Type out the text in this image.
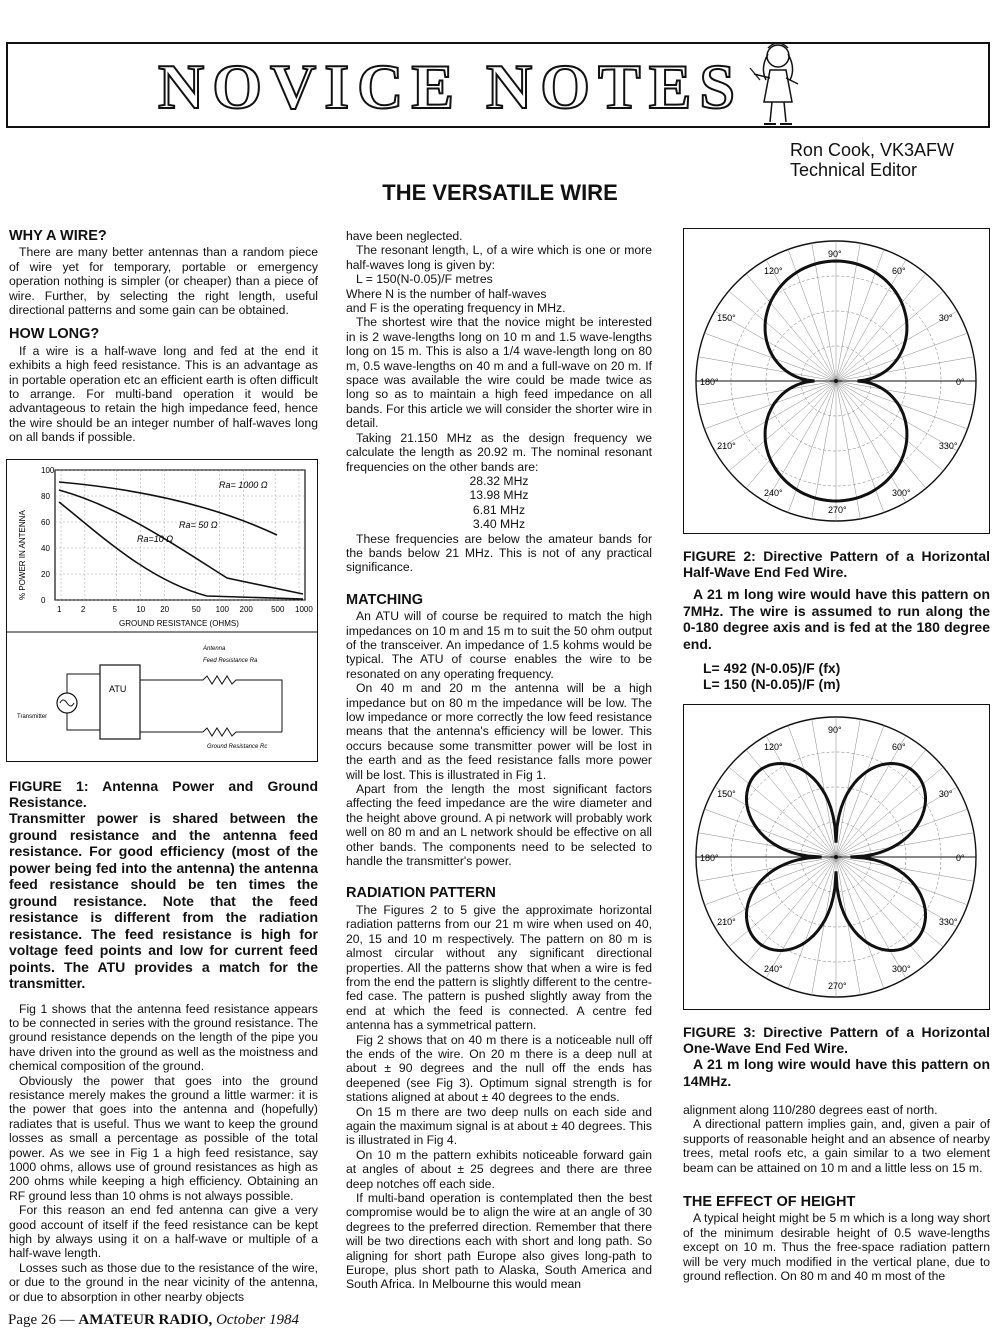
NOVICE NOTES
Ron Cook, VK3AFW
Technical Editor
THE VERSATILE WIRE
WHY A WIRE?

There are many better antennas than a random piece of wire yet for temporary, portable or emergency operation nothing is simpler (or cheaper) than a piece of wire. Further, by selecting the right length, useful directional patterns and some gain can be obtained.

HOW LONG?

If a wire is a half-wave long and fed at the end it exhibits a high feed resistance. This is an advantage as in portable operation etc an efficient earth is often difficult to arrange. For multi-band operation it would be advantageous to retain the high impedance feed, hence the wire should be an integer number of half-waves long on all bands if possible.

100
80
60
40
20
0
1 2	5 10 20	50 100 200 500 1000
% POWER IN ANTENNA
GROUND RESISTANCE (OHMS)
Ra= 1000 Ω
Ra= 50 Ω
Ra=10 Ω
ATU
Transmitter
Antenna
Feed Resistance Ra
Ground Resistance Rc
FIGURE 1: Antenna Power and Ground Resistance.

Transmitter power is shared between the ground resistance and the antenna feed resistance. For good efficiency (most of the power being fed into the antenna) the antenna feed resistance should be ten times the ground resistance. Note that the feed resistance is different from the radiation resistance. The feed resistance is high for voltage feed points and low for current feed points. The ATU provides a match for the transmitter.

Fig 1 shows that the antenna feed resistance appears to be connected in series with the ground resistance. The ground resistance depends on the length of the pipe you have driven into the ground as well as the moistness and chemical composition of the ground.

Obviously the power that goes into the ground resistance merely makes the ground a little warmer: it is the power that goes into the antenna and (hopefully) radiates that is useful. Thus we want to keep the ground losses as small a percentage as possible of the total power. As we see in Fig 1 a high feed resistance, say 1000 ohms, allows use of ground resistances as high as 200 ohms while keeping a high efficiency. Obtaining an RF ground less than 10 ohms is not always possible.

For this reason an end fed antenna can give a very good account of itself if the feed resistance can be kept high by always using it on a half-wave or multiple of a half-wave length.

Losses such as those due to the resistance of the wire, or due to the ground in the near vicinity of the antenna, or due to absorption in other nearby objects

have been neglected.

The resonant length, L, of a wire which is one or more half-waves long is given by:

L = 150(N-0.05)/F metres

Where N is the number of half-waves

and F is the operating frequency in MHz.

The shortest wire that the novice might be interested in is 2 wave-lengths long on 10 m and 1.5 wave-lengths long on 15 m. This is also a 1/4 wave-length long on 80 m, 0.5 wave-lengths on 40 m and a full-wave on 20 m. If space was available the wire could be made twice as long so as to maintain a high feed impedance on all bands. For this article we will consider the shorter wire in detail.

Taking 21.150 MHz as the design frequency we calculate the length as 20.92 m. The nominal resonant frequencies on the other bands are:

28.32 MHz

13.98 MHz

6.81 MHz

3.40 MHz

These frequencies are below the amateur bands for the bands below 21 MHz. This is not of any practical significance.

MATCHING

An ATU will of course be required to match the high impedances on 10 m and 15 m to suit the 50 ohm output of the transceiver. An impedance of 1.5 kohms would be typical. The ATU of course enables the wire to be resonated on any operating frequency.

On 40 m and 20 m the antenna will be a high impedance but on 80 m the impedance will be low. The low impedance or more correctly the low feed resistance means that the antenna's efficiency will be lower. This occurs because some transmitter power will be lost in the earth and as the feed resistance falls more power will be lost. This is illustrated in Fig 1.

Apart from the length the most significant factors affecting the feed impedance are the wire diameter and the height above ground. A pi network will probably work well on 80 m and an L network should be effective on all other bands. The components need to be selected to handle the transmitter's power.

RADIATION PATTERN

The Figures 2 to 5 give the approximate horizontal radiation patterns from our 21 m wire when used on 40, 20, 15 and 10 m respectively. The pattern on 80 m is almost circular without any significant directional properties. All the patterns show that when a wire is fed from the end the pattern is slightly different to the centre-fed case. The pattern is pushed slightly away from the end at which the feed is connected. A centre fed antenna has a symmetrical pattern.

Fig 2 shows that on 40 m there is a noticeable null off the ends of the wire. On 20 m there is a deep null at about ± 90 degrees and the null off the ends has deepened (see Fig 3). Optimum signal strength is for stations aligned at about ± 40 degrees to the ends.

On 15 m there are two deep nulls on each side and again the maximum signal is at about ± 40 degrees. This is illustrated in Fig 4.

On 10 m the pattern exhibits noticeable forward gain at angles of about ± 25 degrees and there are three deep notches off each side.

If multi-band operation is contemplated then the best compromise would be to align the wire at an angle of 30 degrees to the preferred direction. Remember that there will be two directions each with short and long path. So aligning for short path Europe also gives long-path to Europe, plus short path to Alaska, South America and South Africa. In Melbourne this would mean

90°
60°
30°
0°
330°
300°
270°
240°
210°
180°
150°
120°
FIGURE 2: Directive Pattern of a Horizontal Half-Wave End Fed Wire.

A 21 m long wire would have this pattern on 7MHz. The wire is assumed to run along the 0-180 degree axis and is fed at the 180 degree end.

L= 492 (N-0.05)/F (fx)
L= 150 (N-0.05)/F (m)
90°
60°
30°
0°
330°
300°
270°
240°
210°
180°
150°
120°
FIGURE 3: Directive Pattern of a Horizontal One-Wave End Fed Wire.

A 21 m long wire would have this pattern on 14MHz.

alignment along 110/280 degrees east of north.

A directional pattern implies gain, and, given a pair of supports of reasonable height and an absence of nearby trees, metal roofs etc, a gain similar to a two element beam can be attained on 10 m and a little less on 15 m.

THE EFFECT OF HEIGHT

A typical height might be 5 m which is a long way short of the minimum desirable height of 0.5 wave-lengths except on 10 m. Thus the free-space radiation pattern will be very much modified in the vertical plane, due to ground reflection. On 80 m and 40 m most of the

Page 26 — AMATEUR RADIO, October 1984
